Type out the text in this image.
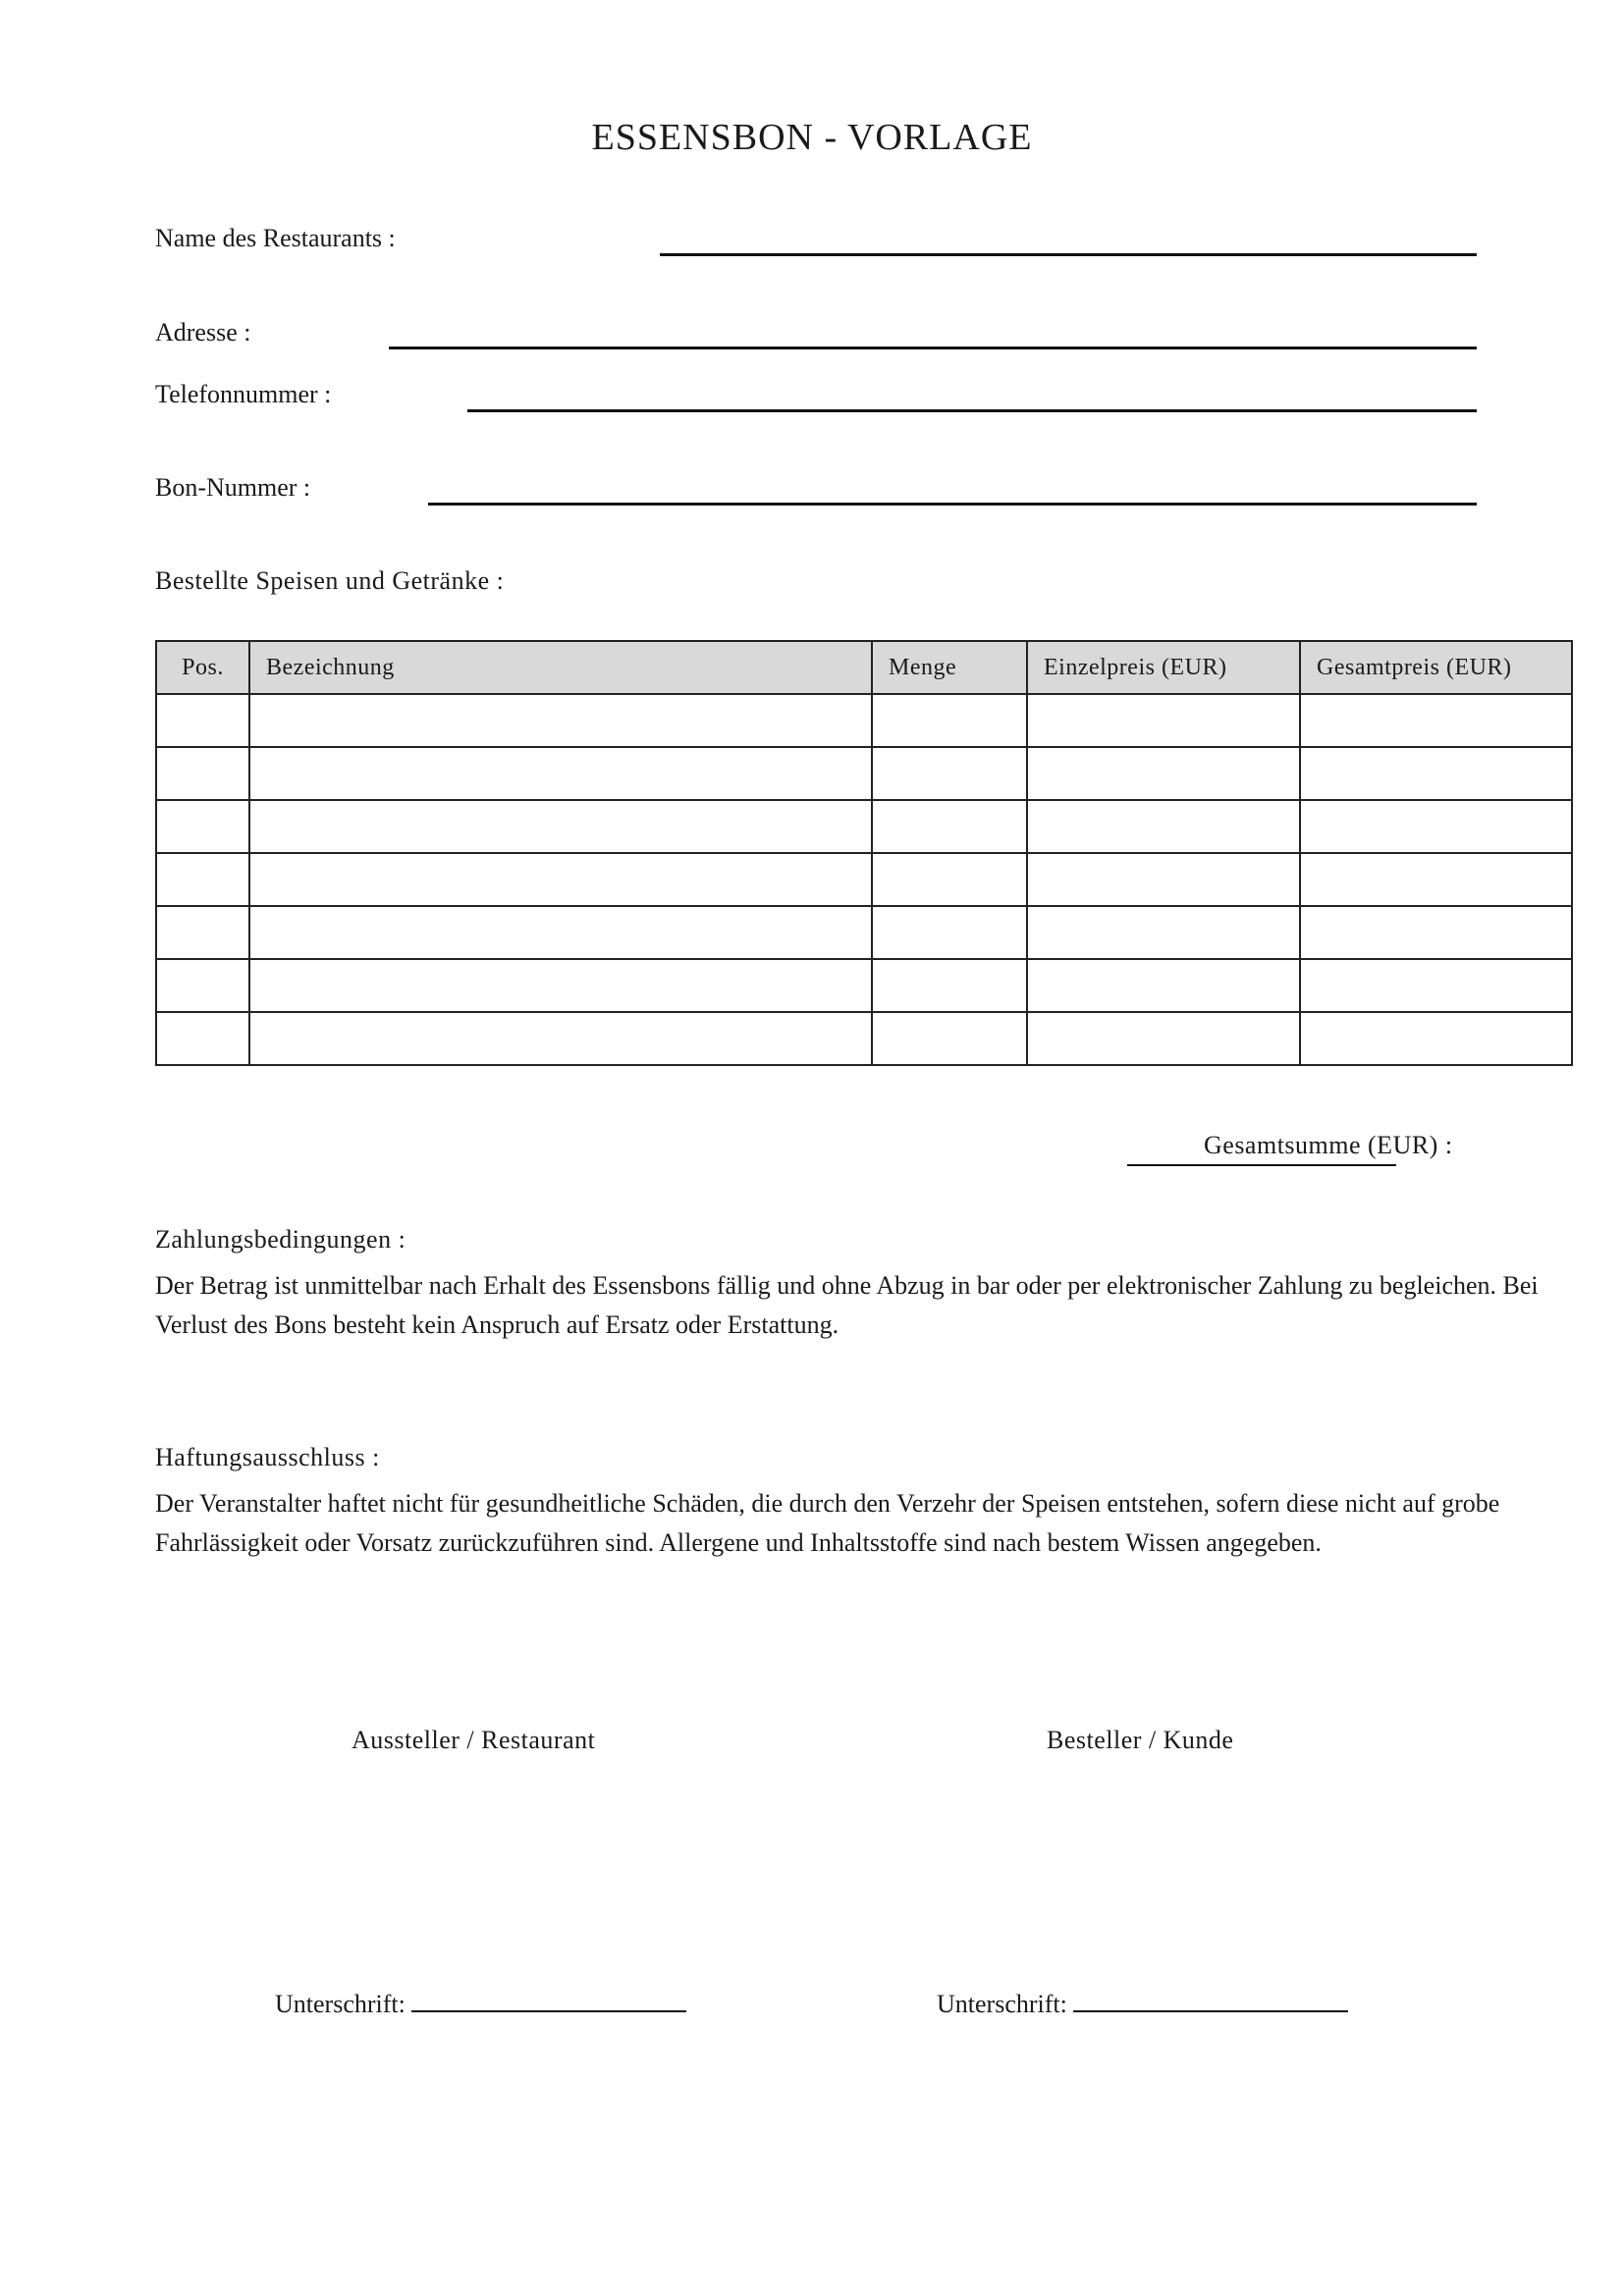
ESSENSBON - VORLAGE
Name des Restaurants :
Adresse :
Telefonnummer :
Bon-Nummer :
Bestellte Speisen und Getränke :
Pos.	Bezeichnung	Menge	Einzelpreis (EUR)	Gesamtpreis (EUR)

Gesamtsumme (EUR) :
Zahlungsbedingungen :
Der Betrag ist unmittelbar nach Erhalt des Essensbons fällig und ohne Abzug in bar oder per elektronischer Zahlung zu begleichen. Bei Verlust des Bons besteht kein Anspruch auf Ersatz oder Erstattung.
Haftungsausschluss :
Der Veranstalter haftet nicht für gesundheitliche Schäden, die durch den Verzehr der Speisen entstehen, sofern diese nicht auf grobe Fahrlässigkeit oder Vorsatz zurückzuführen sind. Allergene und Inhaltsstoffe sind nach bestem Wissen angegeben.
Aussteller / Restaurant	Besteller / Kunde
Unterschrift:	Unterschrift:
